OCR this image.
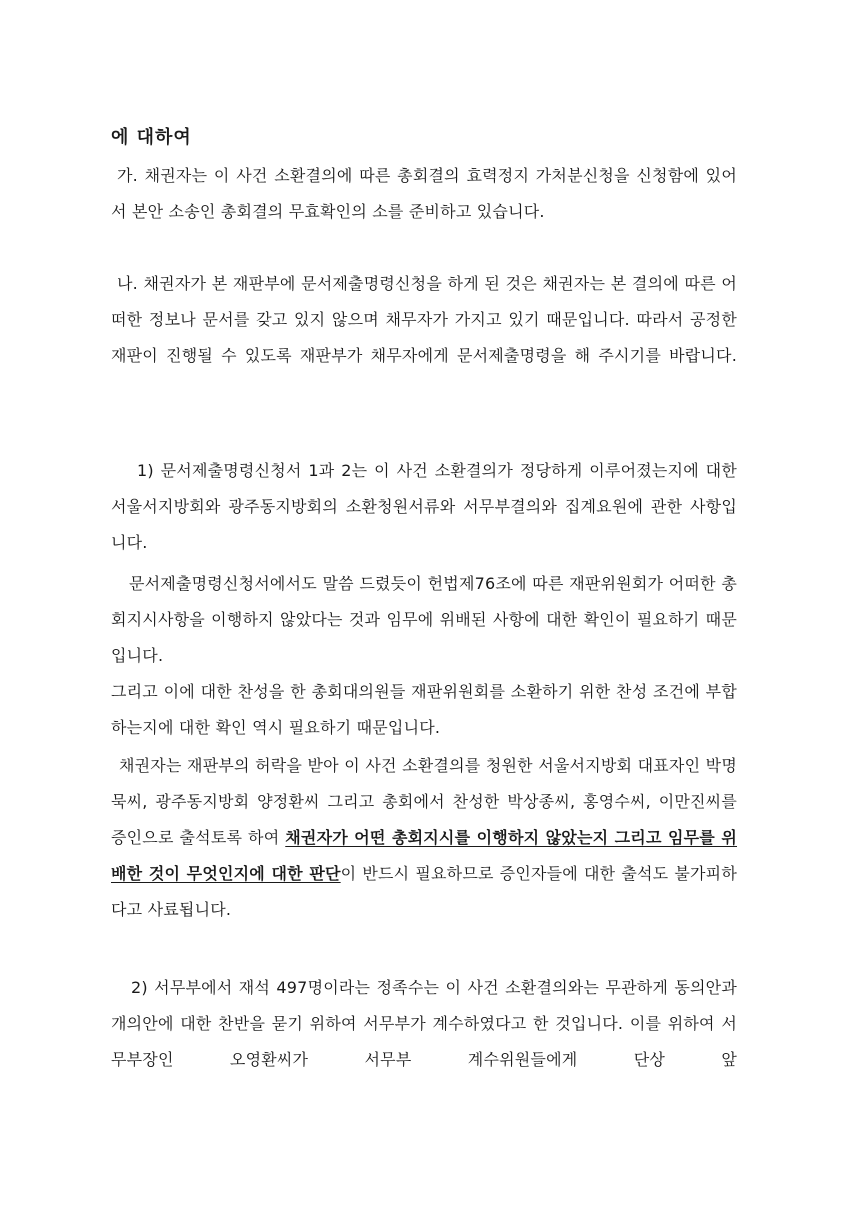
에 대하여
가. 채권자는 이 사건 소환결의에 따른 총회결의 효력정지 가처분신청을 신청함에 있어서 본안 소송인 총회결의 무효확인의 소를 준비하고 있습니다.
나. 채권자가 본 재판부에 문서제출명령신청을 하게 된 것은 채권자는 본 결의에 따른 어떠한 정보나 문서를 갖고 있지 않으며 채무자가 가지고 있기 때문입니다. 따라서 공정한 재판이 진행될 수 있도록 재판부가 채무자에게 문서제출명령을 해 주시기를 바랍니다.
1) 문서제출명령신청서 1과 2는 이 사건 소환결의가 정당하게 이루어졌는지에 대한 서울서지방회와 광주동지방회의 소환청원서류와 서무부결의와 집계요원에 관한 사항입니다.
문서제출명령신청서에서도 말씀 드렸듯이 헌법제76조에 따른 재판위원회가 어떠한 총회지시사항을 이행하지 않았다는 것과 임무에 위배된 사항에 대한 확인이 필요하기 때문입니다.
그리고 이에 대한 찬성을 한 총회대의원들 재판위원회를 소환하기 위한 찬성 조건에 부합하는지에 대한 확인 역시 필요하기 때문입니다.
채권자는 재판부의 허락을 받아 이 사건 소환결의를 청원한 서울서지방회 대표자인 박명묵씨, 광주동지방회 양정환씨 그리고 총회에서 찬성한 박상종씨, 홍영수씨, 이만진씨를 증인으로 출석토록 하여 채권자가 어떤 총회지시를 이행하지 않았는지 그리고 임무를 위배한 것이 무엇인지에 대한 판단이 반드시 필요하므로 증인자들에 대한 출석도 불가피하다고 사료됩니다.
2) 서무부에서 재석 497명이라는 정족수는 이 사건 소환결의와는 무관하게 동의안과 개의안에 대한 찬반을 묻기 위하여 서무부가 계수하였다고 한 것입니다. 이를 위하여 서무부장인 오영환씨가 서무부 계수위원들에게 단상 앞
